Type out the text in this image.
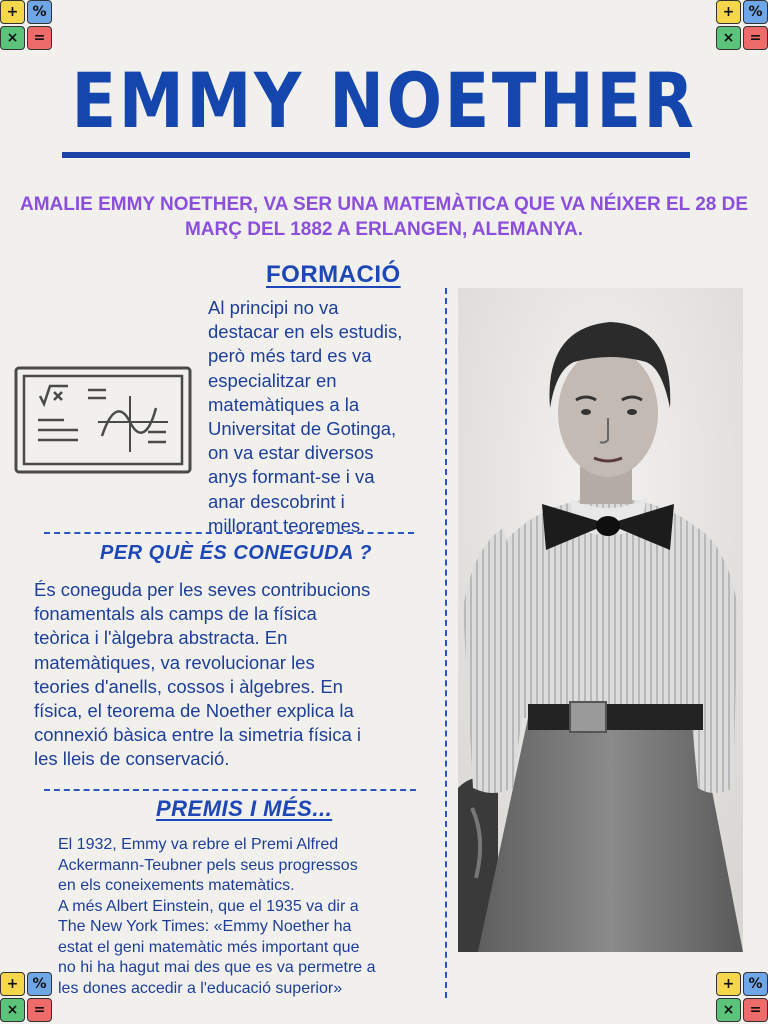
+	%
×	=
+	%
×	=
+	%
×	=
+	%
×	=
EMMY NOETHER

AMALIE EMMY NOETHER, VA SER UNA MATEMÀTICA QUE VA NÉIXER EL 28 DE MARÇ DEL 1882 A ERLANGEN, ALEMANYA.

FORMACIÓ
Al principi no va
destacar en els estudis,
però més tard es va
especialitzar en
matemàtiques a la
Universitat de Gotinga,
on va estar diversos
anys formant-se i va
anar descobrint i
millorant teoremes.
PER QUÈ ÉS CONEGUDA ?
És coneguda per les seves contribucions
fonamentals als camps de la física
teòrica i l'àlgebra abstracta. En
matemàtiques, va revolucionar les
teories d'anells, cossos i àlgebres. En
física, el teorema de Noether explica la
connexió bàsica entre la simetria física i
les lleis de conservació.
PREMIS I MÉS...
El 1932, Emmy va rebre el Premi Alfred
Ackermann-Teubner pels seus progressos
en els coneixements matemàtics.
A més Albert Einstein, que el 1935 va dir a
The New York Times: «Emmy Noether ha
estat el geni matemàtic més important que
no hi ha hagut mai des que es va permetre a
les dones accedir a l'educació superior»
